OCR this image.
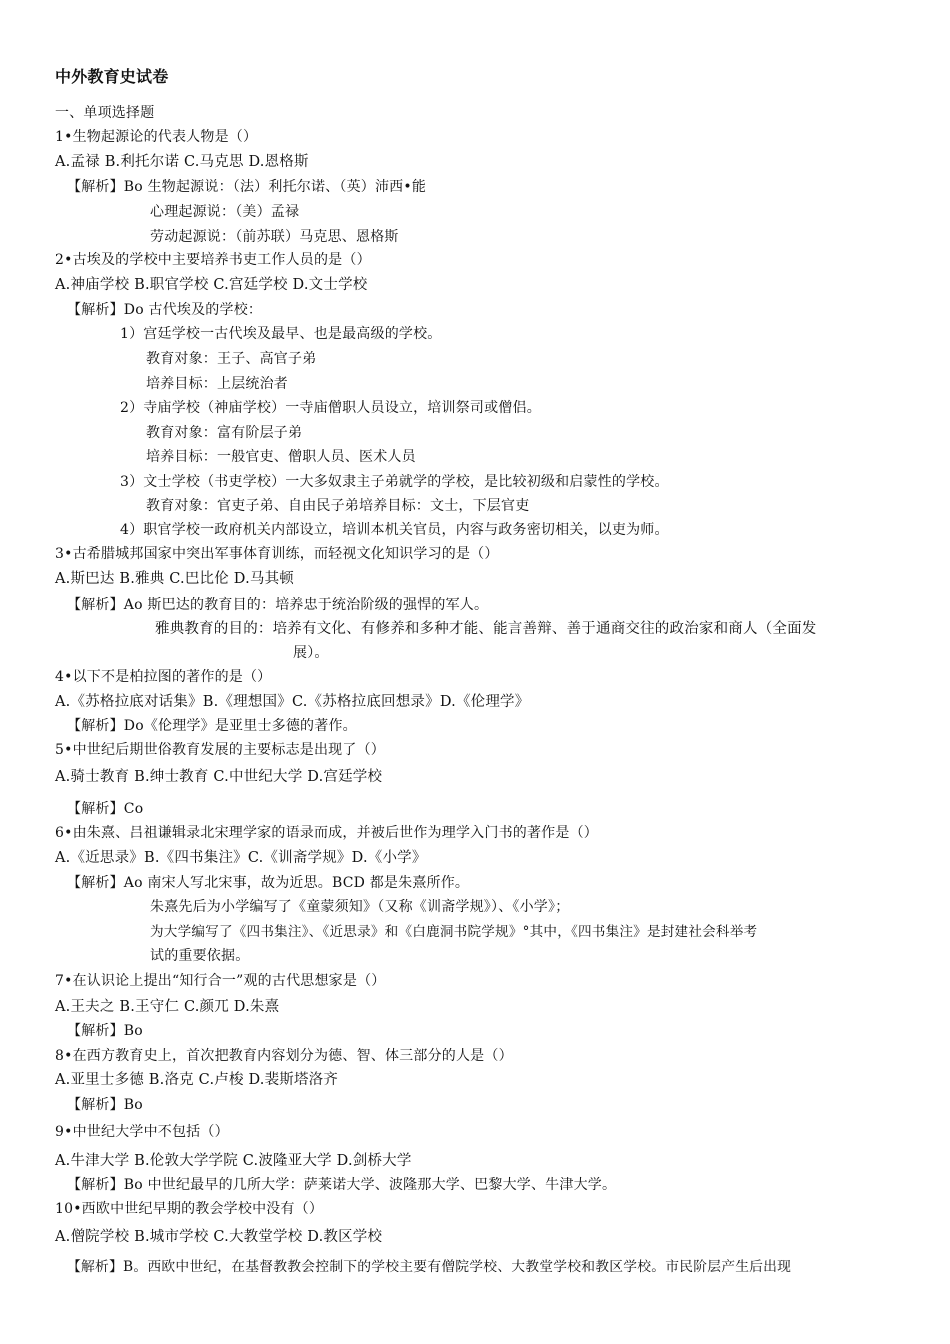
中外教育史试卷
一、单项选择题
1•生物起源论的代表人物是（）
A.孟禄 B.利托尔诺 C.马克思 D.恩格斯
【解析】Bo 生物起源说：（法）利托尔诺、（英）沛西•能
心理起源说：（美）孟禄
劳动起源说：（前苏联）马克思、恩格斯
2•古埃及的学校中主要培养书吏工作人员的是（）
A.神庙学校 B.职官学校 C.宫廷学校 D.文士学校
【解析】Do 古代埃及的学校：
1）宫廷学校一古代埃及最早、也是最高级的学校。
教育对象：王子、高官子弟
培养目标：上层统治者
2）寺庙学校（神庙学校）一寺庙僧职人员设立，培训祭司或僧侣。
教育对象：富有阶层子弟
培养目标：一般官吏、僧职人员、医术人员
3）文士学校（书吏学校）一大多奴隶主子弟就学的学校，是比较初级和启蒙性的学校。
教育对象：官吏子弟、自由民子弟培养目标：文士，下层官吏
4）职官学校一政府机关内部设立，培训本机关官员，内容与政务密切相关，以吏为师。
3•古希腊城邦国家中突出军事体育训练，而轻视文化知识学习的是（）
A.斯巴达 B.雅典 C.巴比伦 D.马其顿
【解析】Ao 斯巴达的教育目的：培养忠于统治阶级的强悍的军人。
雅典教育的目的：培养有文化、有修养和多种才能、能言善辩、善于通商交往的政治家和商人（全面发
展）。
4•以下不是柏拉图的著作的是（）
A.《苏格拉底对话集》B.《理想国》C.《苏格拉底回想录》D.《伦理学》
【解析】Do《伦理学》是亚里士多德的著作。
5•中世纪后期世俗教育发展的主要标志是出现了（）
A.骑士教育 B.绅士教育 C.中世纪大学 D.宫廷学校
【解析】Co
6•由朱熹、吕祖谦辑录北宋理学家的语录而成，并被后世作为理学入门书的著作是（）
A.《近思录》B.《四书集注》C.《训斋学规》D.《小学》
【解析】Ao 南宋人写北宋事，故为近思。BCD 都是朱熹所作。
朱熹先后为小学编写了《童蒙须知》（又称《训斋学规》）、《小学》；
为大学编写了《四书集注》、《近思录》和《白鹿洞书院学规》°其中，《四书集注》是封建社会科举考
试的重要依据。
7•在认识论上提出“知行合一”观的古代思想家是（）
A.王夫之 B.王守仁 C.颜兀 D.朱熹
【解析】Bo
8•在西方教育史上，首次把教育内容划分为德、智、体三部分的人是（）
A.亚里士多德 B.洛克 C.卢梭 D.裴斯塔洛齐
【解析】Bo
9•中世纪大学中不包括（）
A.牛津大学 B.伦敦大学学院 C.波隆亚大学 D.剑桥大学
【解析】Bo 中世纪最早的几所大学：萨莱诺大学、波隆那大学、巴黎大学、牛津大学。
10•西欧中世纪早期的教会学校中没有（）
A.僧院学校 B.城市学校 C.大教堂学校 D.教区学校
【解析】B。西欧中世纪，在基督教教会控制下的学校主要有僧院学校、大教堂学校和教区学校。市民阶层产生后出现
